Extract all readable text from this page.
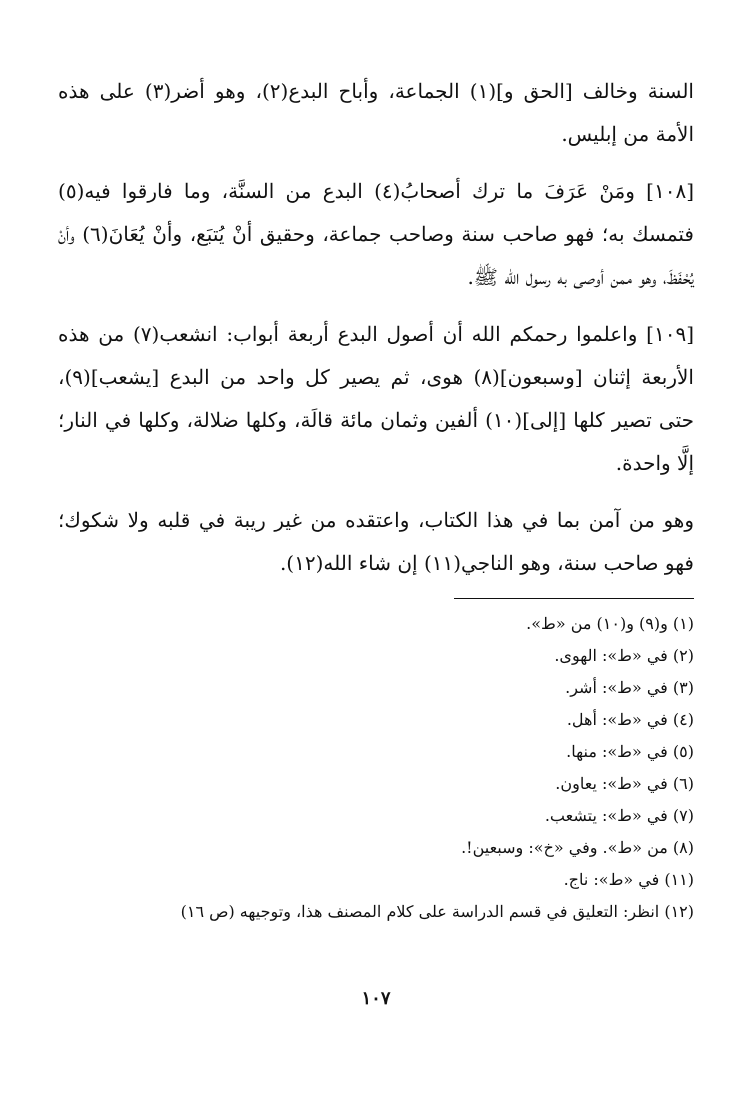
السنة وخالف [الحق و](١) الجماعة، وأباح البدع(٢)، وهو أضر(٣) على هذه الأمة من إبليس.

[١٠٨] ومَنْ عَرَفَ ما ترك أصحابُ(٤) البدع من السنَّة، وما فارقوا فيه(٥) فتمسك به؛ فهو صاحب سنة وصاحب جماعة، وحقيق أنْ يُتبَع، وأنْ يُعَانَ(٦) وأنْ يُحْفَظَ، وهو ممن أوصى به رسول الله ﷺ.

[١٠٩] واعلموا رحمكم الله أن أصول البدع أربعة أبواب: انشعب(٧) من هذه الأربعة إثنان [وسبعون](٨) هوى، ثم يصير كل واحد من البدع [يشعب](٩)، حتى تصير كلها [إلى](١٠) ألفين وثمان مائة قالَة، وكلها ضلالة، وكلها في النار؛ إلَّا واحدة.

وهو من آمن بما في هذا الكتاب، واعتقده من غير ريبة في قلبه ولا شكوك؛ فهو صاحب سنة، وهو الناجي(١١) إن شاء الله(١٢).

(١) و(٩) و(١٠) من «ط».
(٢) في «ط»: الهوى.
(٣) في «ط»: أشر.
(٤) في «ط»: أهل.
(٥) في «ط»: منها.
(٦) في «ط»: يعاون.
(٧) في «ط»: يتشعب.
(٨) من «ط». وفي «خ»: وسبعين!.
(١١) في «ط»: ناج.
(١٢) انظر: التعليق في قسم الدراسة على كلام المصنف هذا، وتوجيهه (ص ١٦)
١٠٧
